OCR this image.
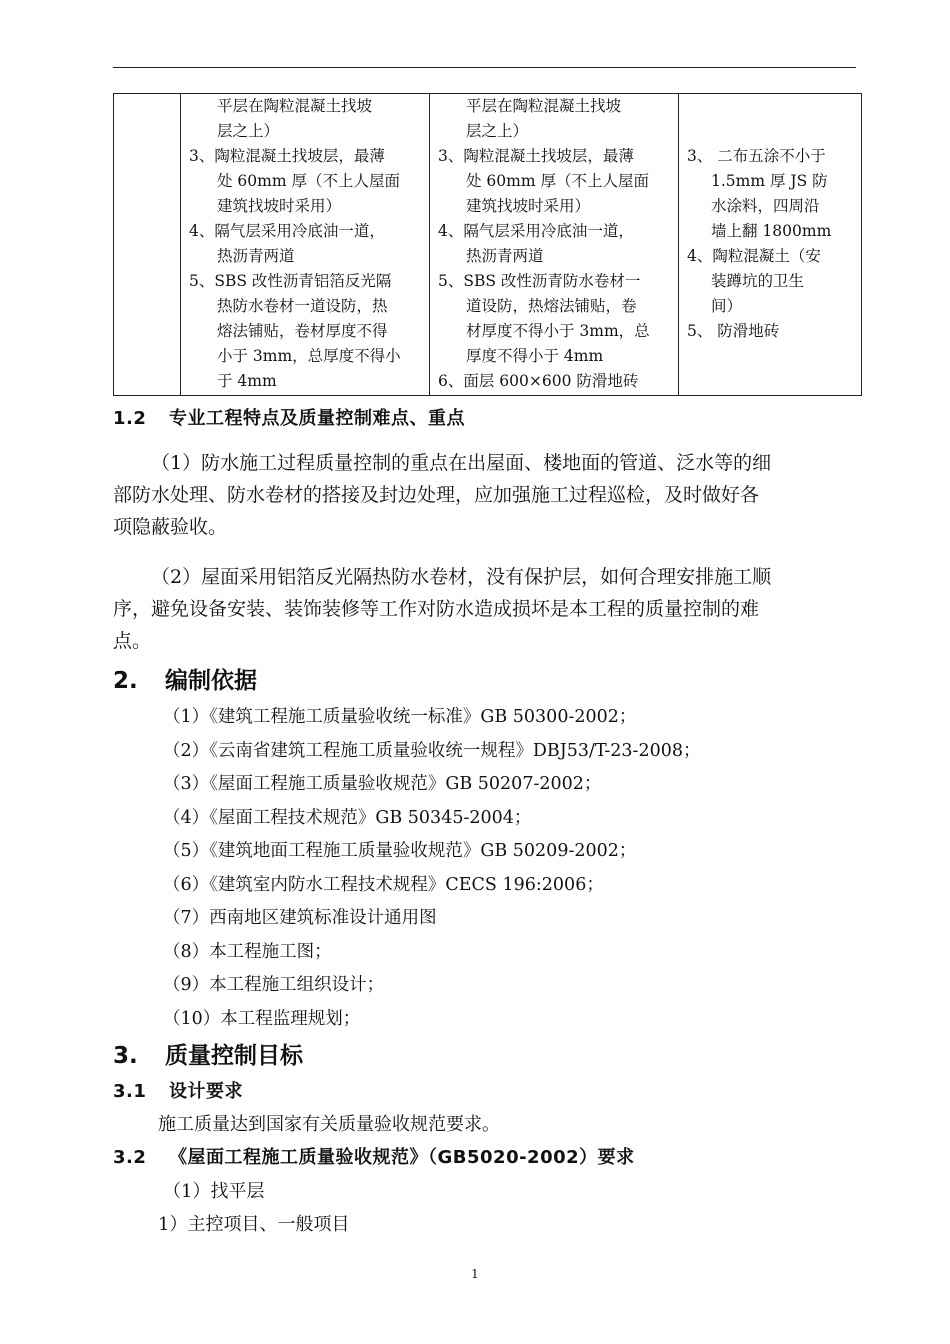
平层在陶粒混凝土找坡
层之上）
3、陶粒混凝土找坡层，最薄
处 60mm 厚（不上人屋面
建筑找坡时采用）
4、隔气层采用冷底油一道，
热沥青两道
5、SBS 改性沥青铝箔反光隔
热防水卷材一道设防，热
熔法铺贴，卷材厚度不得
小于 3mm，总厚度不得小
于 4mm

平层在陶粒混凝土找坡
层之上）
3、陶粒混凝土找坡层，最薄
处 60mm 厚（不上人屋面
建筑找坡时采用）
4、隔气层采用冷底油一道，
热沥青两道
5、SBS 改性沥青防水卷材一
道设防，热熔法铺贴，卷
材厚度不得小于 3mm，总
厚度不得小于 4mm
6、面层 600×600 防滑地砖

3、 二布五涂不小于
1.5mm 厚 JS 防
水涂料，四周沿
墙上翻 1800mm
4、陶粒混凝土（安
装蹲坑的卫生
间）
5、 防滑地砖
1.2 专业工程特点及质量控制难点、重点
（1）防水施工过程质量控制的重点在出屋面、楼地面的管道、泛水等的细
部防水处理、防水卷材的搭接及封边处理，应加强施工过程巡检，及时做好各
项隐蔽验收。
（2）屋面采用铝箔反光隔热防水卷材，没有保护层，如何合理安排施工顺
序，避免设备安装、装饰装修等工作对防水造成损坏是本工程的质量控制的难
点。
2. 编制依据
（1）《建筑工程施工质量验收统一标准》GB 50300-2002；
（2）《云南省建筑工程施工质量验收统一规程》DBJ53/T-23-2008；
（3）《屋面工程施工质量验收规范》GB 50207-2002；
（4）《屋面工程技术规范》GB 50345-2004；
（5）《建筑地面工程施工质量验收规范》GB 50209-2002；
（6）《建筑室内防水工程技术规程》CECS 196:2006；
（7）西南地区建筑标准设计通用图
（8）本工程施工图；
（9）本工程施工组织设计；
（10）本工程监理规划；
3. 质量控制目标
3.1 设计要求
施工质量达到国家有关质量验收规范要求。
3.2 《屋面工程施工质量验收规范》（GB5020-2002）要求
（1）找平层
1）主控项目、一般项目
1
